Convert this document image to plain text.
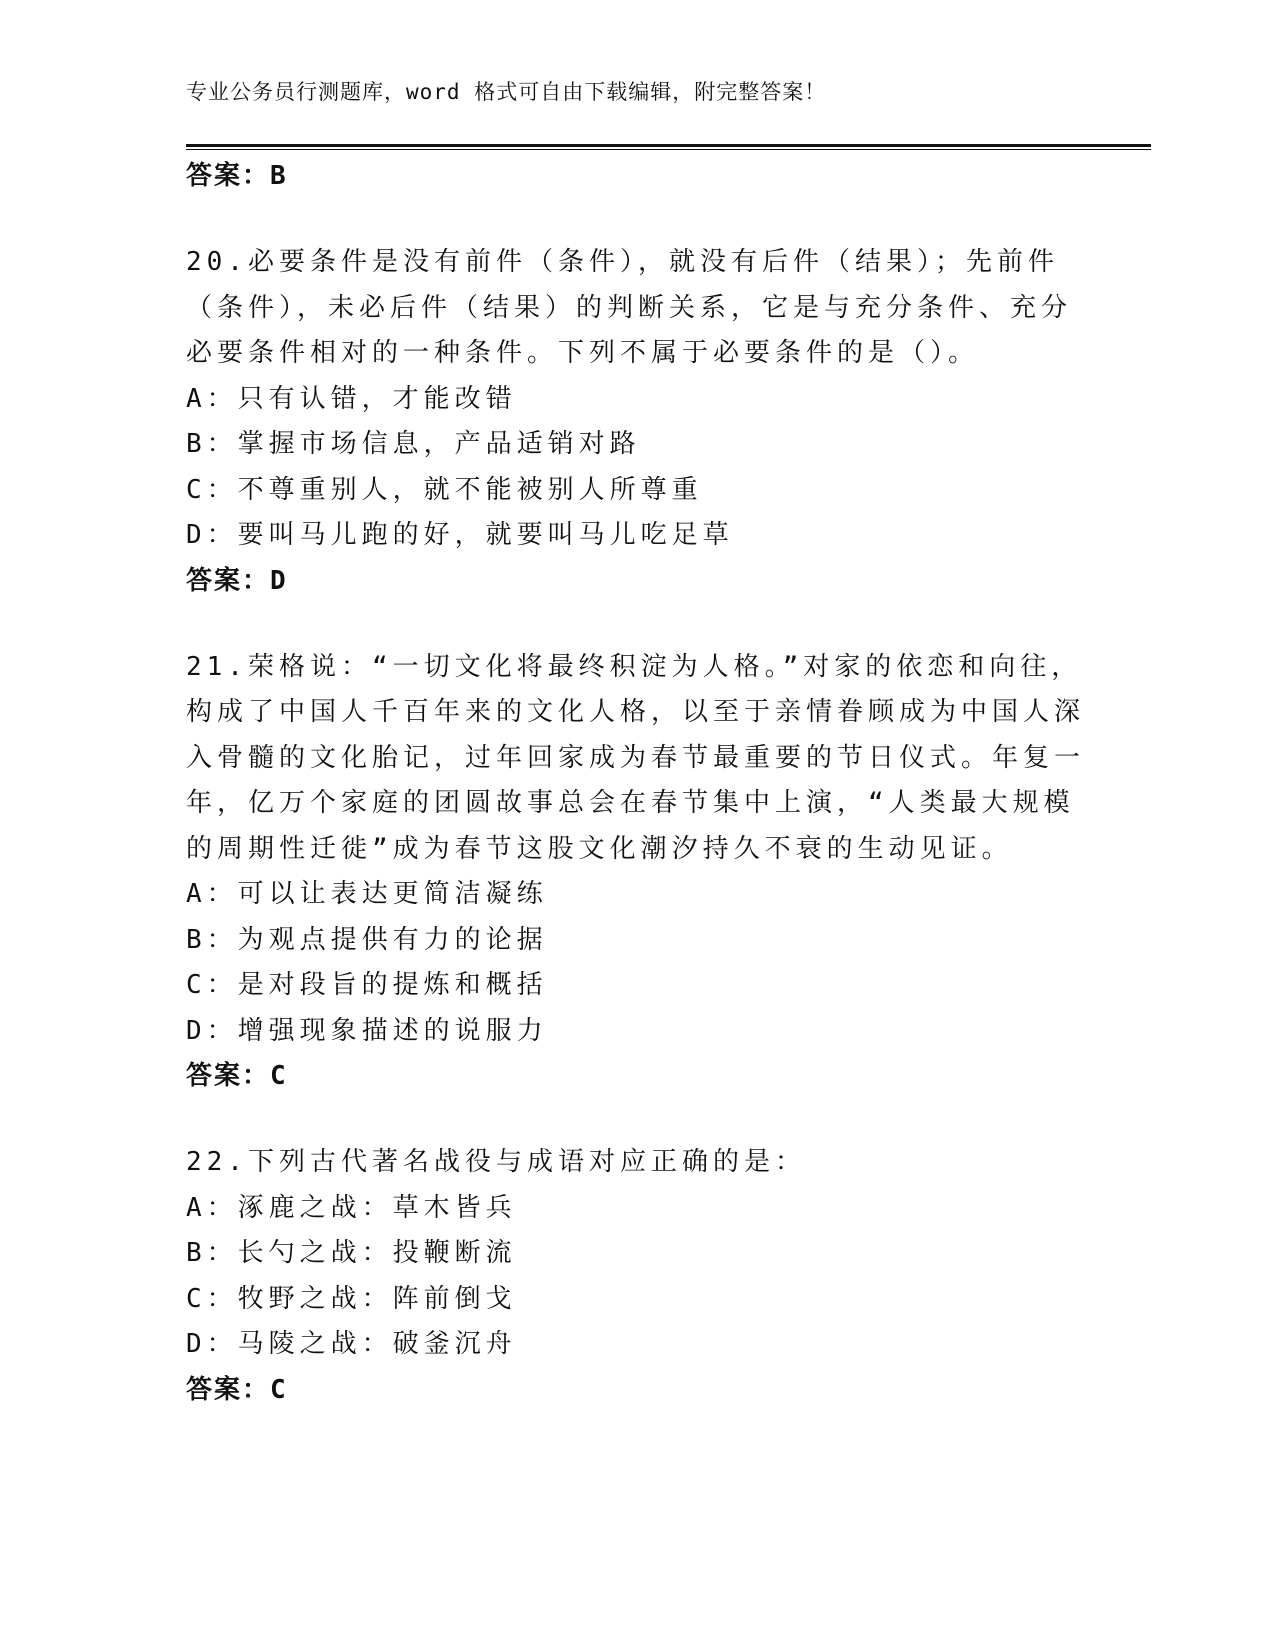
专业公务员行测题库，word 格式可自由下载编辑，附完整答案！
答案：B
20.必要条件是没有前件（条件），就没有后件（结果）；先前件（条件），未必后件（结果）的判断关系，它是与充分条件、充分必要条件相对的一种条件。下列不属于必要条件的是（）。
A：只有认错，才能改错
B：掌握市场信息，产品适销对路
C：不尊重别人，就不能被别人所尊重
D：要叫马儿跑的好，就要叫马儿吃足草
答案：D
21.荣格说：“一切文化将最终积淀为人格。”对家的依恋和向往，构成了中国人千百年来的文化人格，以至于亲情眷顾成为中国人深入骨髓的文化胎记，过年回家成为春节最重要的节日仪式。年复一年，亿万个家庭的团圆故事总会在春节集中上演，“人类最大规模的周期性迁徙”成为春节这股文化潮汐持久不衰的生动见证。
A：可以让表达更简洁凝练
B：为观点提供有力的论据
C：是对段旨的提炼和概括
D：增强现象描述的说服力
答案：C
22.下列古代著名战役与成语对应正确的是：
A：涿鹿之战：草木皆兵
B：长勺之战：投鞭断流
C：牧野之战：阵前倒戈
D：马陵之战：破釜沉舟
答案：C
